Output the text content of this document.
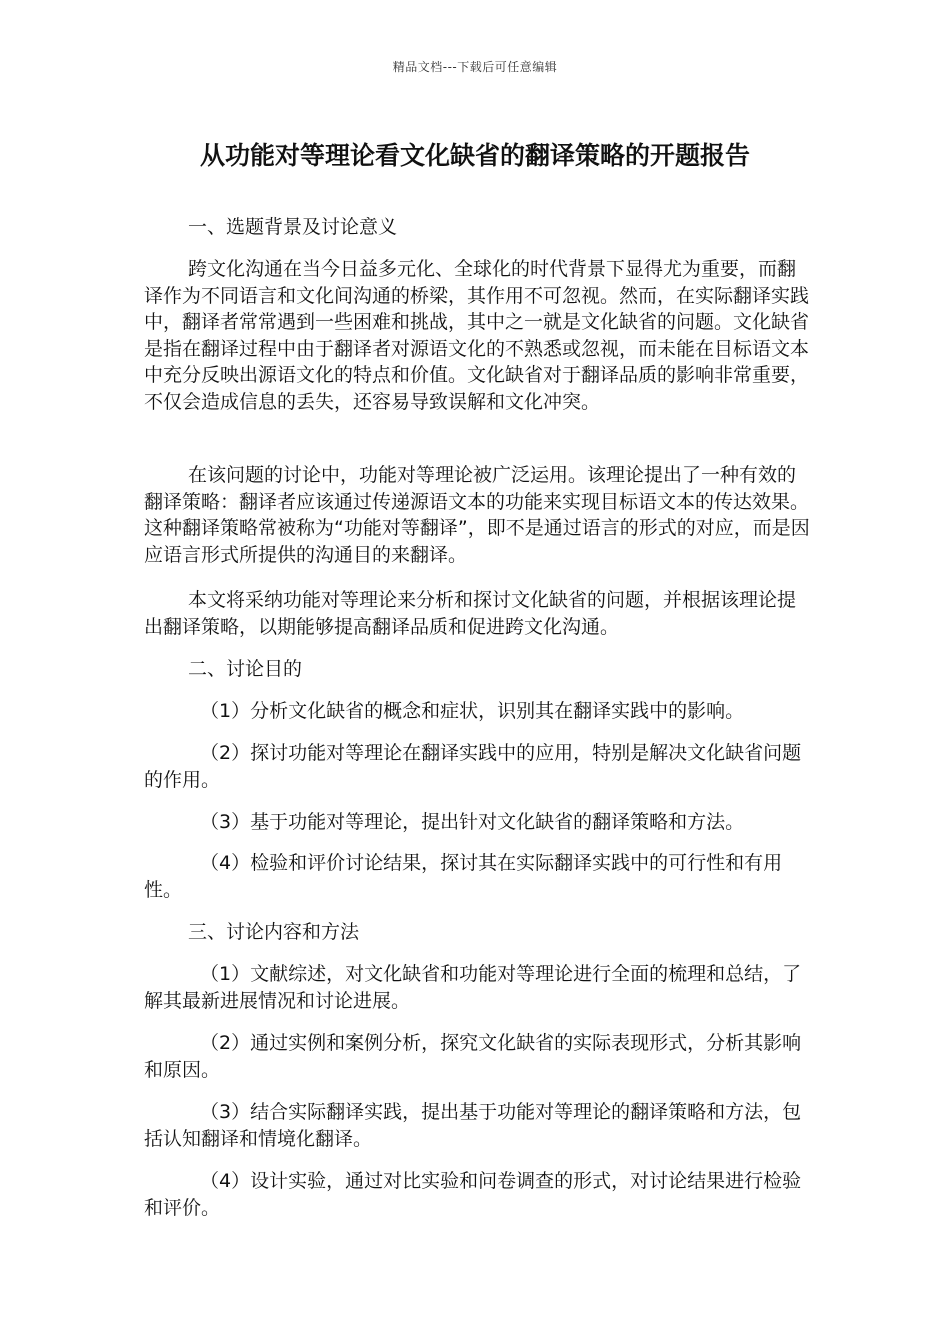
精品文档---下载后可任意编辑
从功能对等理论看文化缺省的翻译策略的开题报告

一、选题背景及讨论意义

跨文化沟通在当今日益多元化、全球化的时代背景下显得尤为重要，而翻译作为不同语言和文化间沟通的桥梁，其作用不可忽视。然而，在实际翻译实践中，翻译者常常遇到一些困难和挑战，其中之一就是文化缺省的问题。文化缺省是指在翻译过程中由于翻译者对源语文化的不熟悉或忽视，而未能在目标语文本中充分反映出源语文化的特点和价值。文化缺省对于翻译品质的影响非常重要，不仅会造成信息的丢失，还容易导致误解和文化冲突。

在该问题的讨论中，功能对等理论被广泛运用。该理论提出了一种有效的翻译策略：翻译者应该通过传递源语文本的功能来实现目标语文本的传达效果。这种翻译策略常被称为“功能对等翻译”，即不是通过语言的形式的对应，而是因应语言形式所提供的沟通目的来翻译。

本文将采纳功能对等理论来分析和探讨文化缺省的问题，并根据该理论提出翻译策略，以期能够提高翻译品质和促进跨文化沟通。

二、讨论目的

（1）分析文化缺省的概念和症状，识别其在翻译实践中的影响。

（2）探讨功能对等理论在翻译实践中的应用，特别是解决文化缺省问题的作用。

（3）基于功能对等理论，提出针对文化缺省的翻译策略和方法。

（4）检验和评价讨论结果，探讨其在实际翻译实践中的可行性和有用性。

三、讨论内容和方法

（1）文献综述，对文化缺省和功能对等理论进行全面的梳理和总结，了解其最新进展情况和讨论进展。

（2）通过实例和案例分析，探究文化缺省的实际表现形式，分析其影响和原因。

（3）结合实际翻译实践，提出基于功能对等理论的翻译策略和方法，包括认知翻译和情境化翻译。

（4）设计实验，通过对比实验和问卷调查的形式，对讨论结果进行检验和评价。
